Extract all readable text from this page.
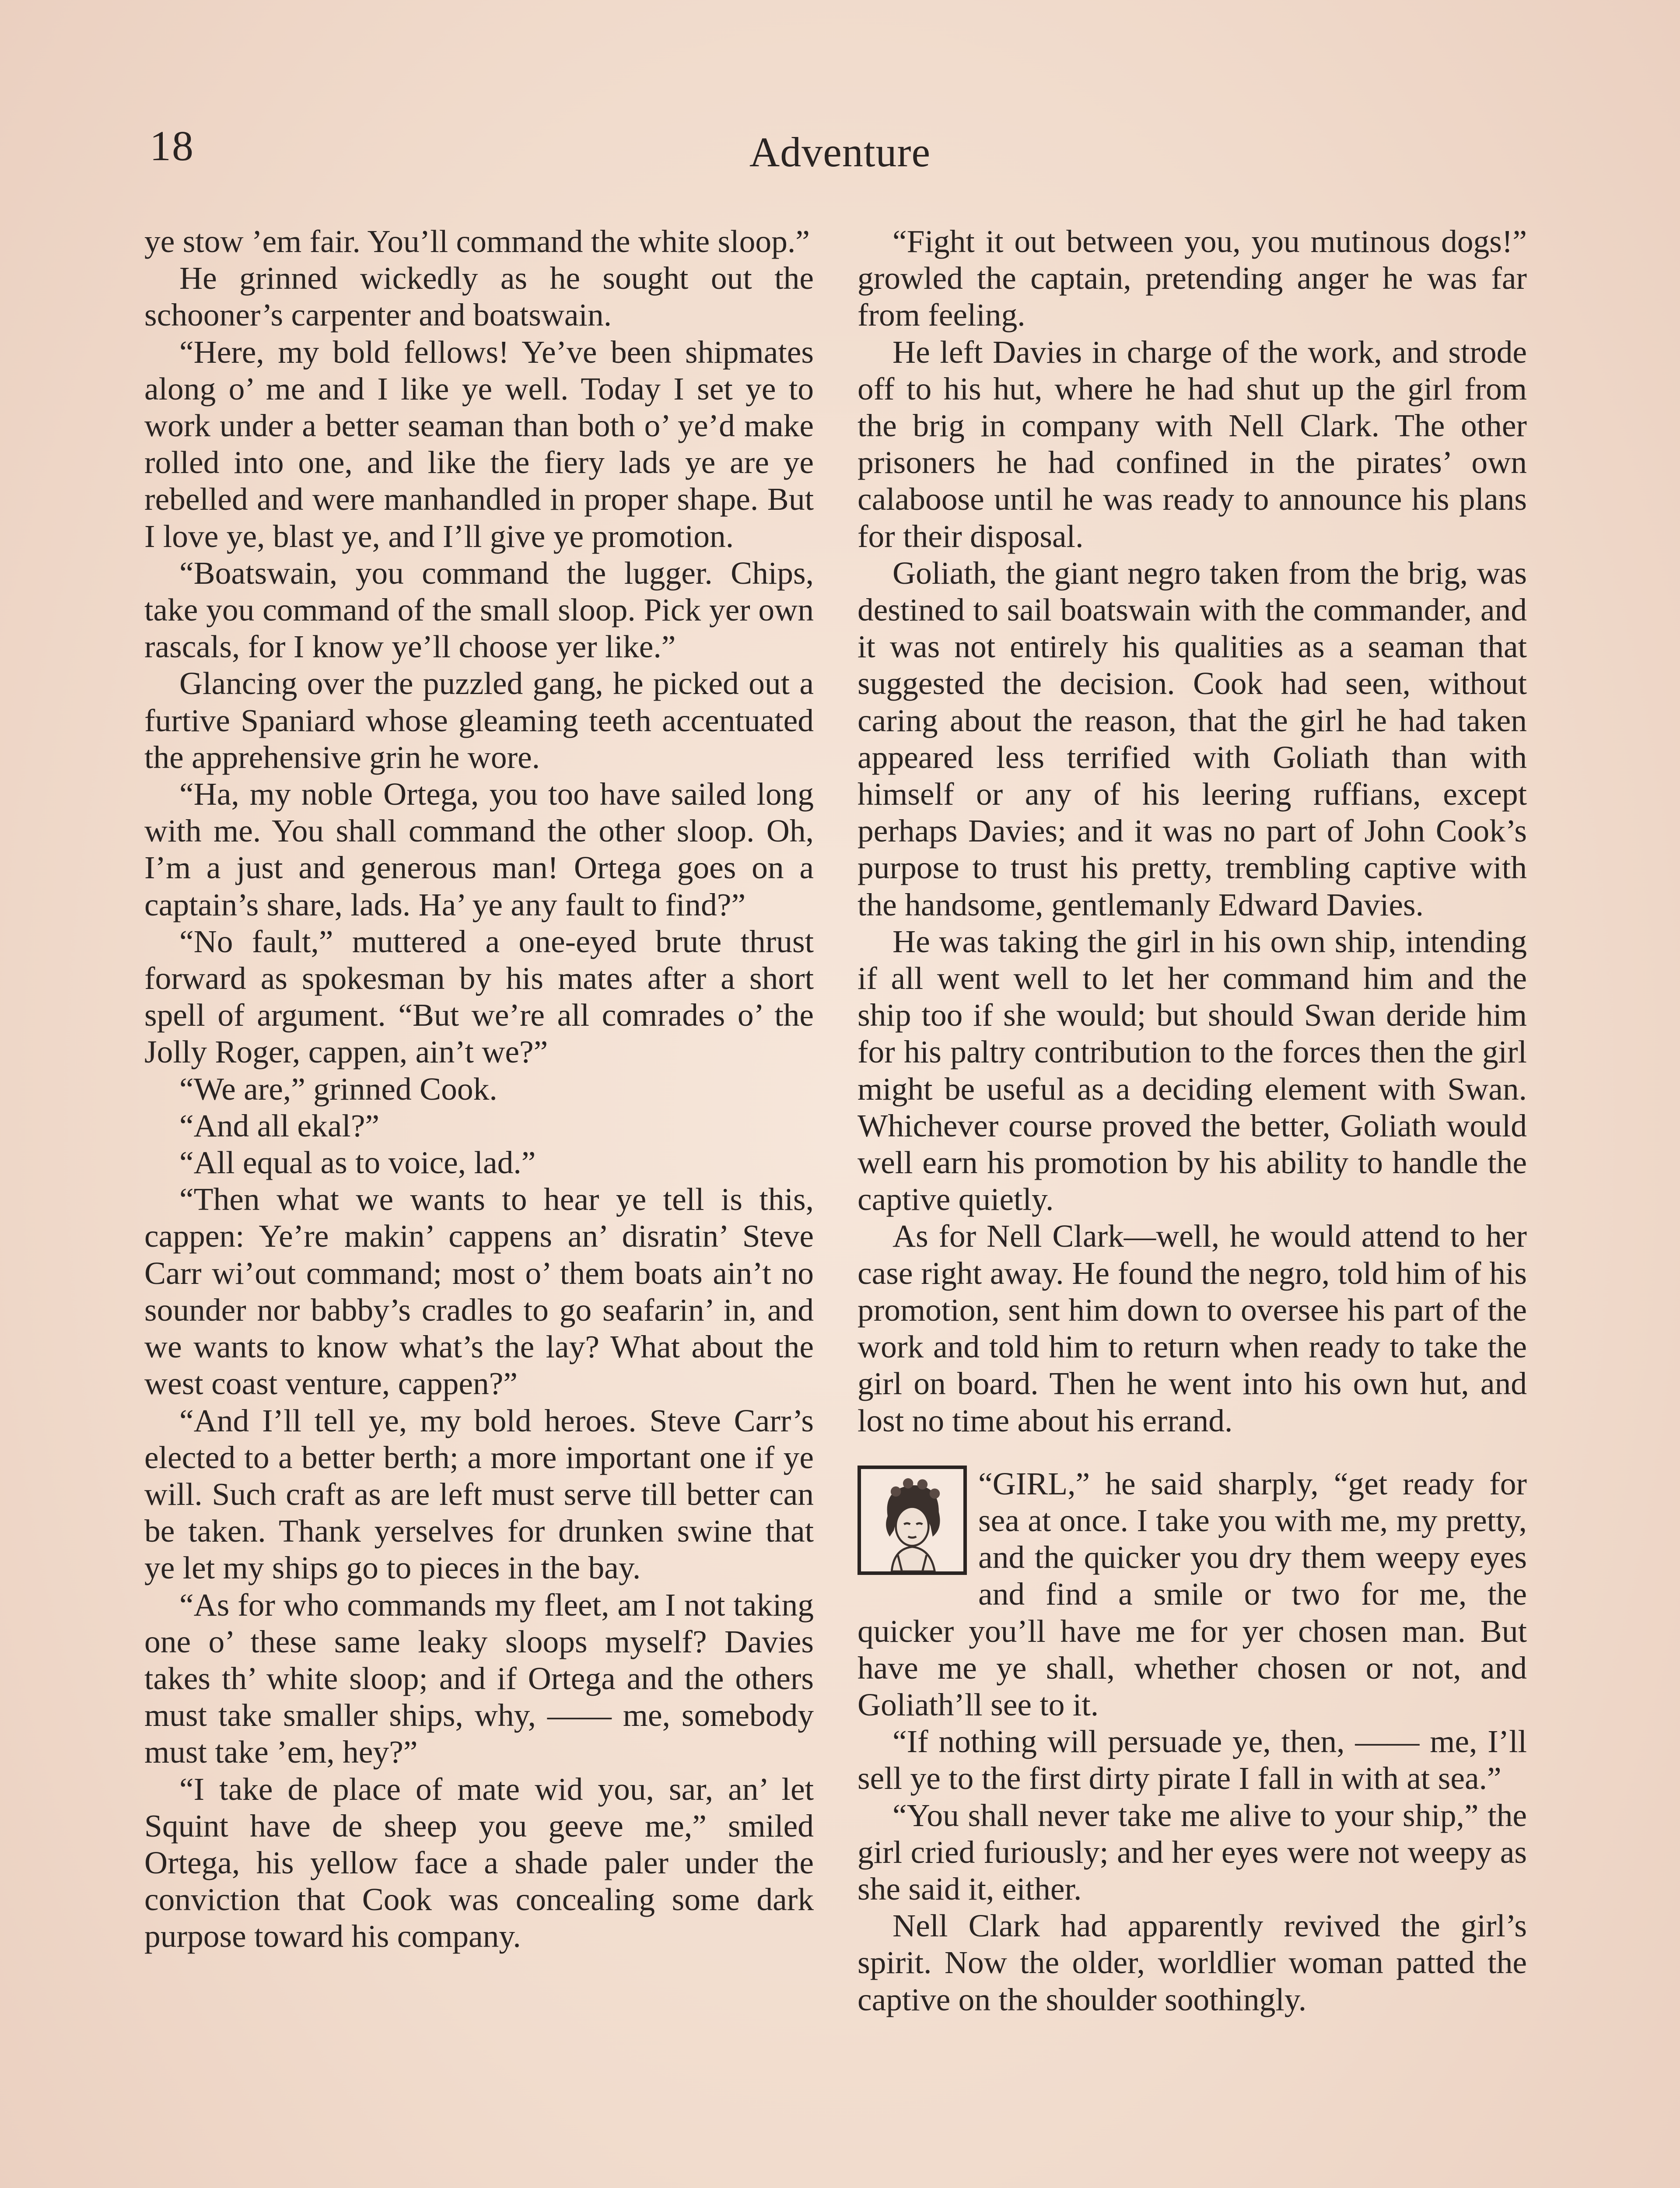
18	Adventure

ye stow ’em fair. You’ll command the white sloop.”

He grinned wickedly as he sought out the schooner’s carpenter and boatswain.

“Here, my bold fellows! Ye’ve been shipmates along o’ me and I like ye well. Today I set ye to work under a better seaman than both o’ ye’d make rolled into one, and like the fiery lads ye are ye rebelled and were manhandled in proper shape. But I love ye, blast ye, and I’ll give ye promotion.

“Boatswain, you command the lugger. Chips, take you command of the small sloop. Pick yer own rascals, for I know ye’ll choose yer like.”

Glancing over the puzzled gang, he picked out a furtive Spaniard whose gleaming teeth accentuated the apprehensive grin he wore.

“Ha, my noble Ortega, you too have sailed long with me. You shall command the other sloop. Oh, I’m a just and generous man! Ortega goes on a captain’s share, lads. Ha’ ye any fault to find?”

“No fault,” muttered a one-eyed brute thrust forward as spokesman by his mates after a short spell of argument. “But we’re all comrades o’ the Jolly Roger, cappen, ain’t we?”

“We are,” grinned Cook.

“And all ekal?”

“All equal as to voice, lad.”

“Then what we wants to hear ye tell is this, cappen: Ye’re makin’ cappens an’ disratin’ Steve Carr wi’out command; most o’ them boats ain’t no sounder nor babby’s cradles to go seafarin’ in, and we wants to know what’s the lay? What about the west coast venture, cappen?”

“And I’ll tell ye, my bold heroes. Steve Carr’s elected to a better berth; a more important one if ye will. Such craft as are left must serve till better can be taken. Thank yerselves for drunken swine that ye let my ships go to pieces in the bay.

“As for who commands my fleet, am I not taking one o’ these same leaky sloops myself? Davies takes th’ white sloop; and if Ortega and the others must take smaller ships, why, —— me, somebody must take ’em, hey?”

“I take de place of mate wid you, sar, an’ let Squint have de sheep you geeve me,” smiled Ortega, his yellow face a shade paler under the conviction that Cook was concealing some dark purpose toward his company.

“Fight it out between you, you mutinous dogs!” growled the captain, pretending anger he was far from feeling.

He left Davies in charge of the work, and strode off to his hut, where he had shut up the girl from the brig in company with Nell Clark. The other prisoners he had confined in the pirates’ own calaboose until he was ready to announce his plans for their disposal.

Goliath, the giant negro taken from the brig, was destined to sail boatswain with the commander, and it was not entirely his qualities as a seaman that suggested the decision. Cook had seen, without caring about the reason, that the girl he had taken appeared less terrified with Goliath than with himself or any of his leering ruffians, except perhaps Davies; and it was no part of John Cook’s purpose to trust his pretty, trembling captive with the handsome, gentlemanly Edward Davies.

He was taking the girl in his own ship, intending if all went well to let her command him and the ship too if she would; but should Swan deride him for his paltry contribution to the forces then the girl might be useful as a deciding element with Swan. Whichever course proved the better, Goliath would well earn his promotion by his ability to handle the captive quietly.

As for Nell Clark—well, he would attend to her case right away. He found the negro, told him of his promotion, sent him down to oversee his part of the work and told him to return when ready to take the girl on board. Then he went into his own hut, and lost no time about his errand.

“GIRL,” he said sharply, “get ready for sea at once. I take you with me, my pretty, and the quicker you dry them weepy eyes and find a smile or two for me, the quicker you’ll have me for yer chosen man. But have me ye shall, whether chosen or not, and Goliath’ll see to it.

“If nothing will persuade ye, then, —— me, I’ll sell ye to the first dirty pirate I fall in with at sea.”

“You shall never take me alive to your ship,” the girl cried furiously; and her eyes were not weepy as she said it, either.

Nell Clark had apparently revived the girl’s spirit. Now the older, worldlier woman patted the captive on the shoulder soothingly.
